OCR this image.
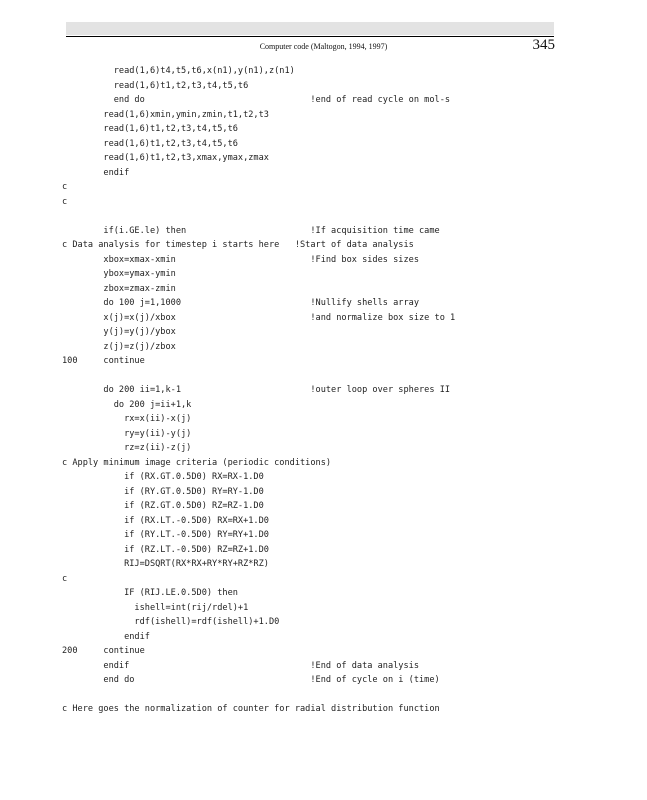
Computer code (Maltogon, 1994, 1997)	345
read(1,6)t4,t5,t6,x(n1),y(n1),z(n1)
read(1,6)t1,t2,t3,t4,t5,t6
end do                                !end of read cycle on mol-s
read(1,6)xmin,ymin,zmin,t1,t2,t3
read(1,6)t1,t2,t3,t4,t5,t6
read(1,6)t1,t2,t3,t4,t5,t6
read(1,6)t1,t2,t3,xmax,ymax,zmax
endif
c
c
if(i.GE.le) then                        !If acquisition time came
c Data analysis for timestep i starts here   !Start of data analysis
xbox=xmax-xmin                          !Find box sides sizes
ybox=ymax-ymin
zbox=zmax-zmin
do 100 j=1,1000                         !Nullify shells array
x(j)=x(j)/xbox                          !and normalize box size to 1
y(j)=y(j)/ybox
z(j)=z(j)/zbox
100     continue
do 200 ii=1,k-1                         !outer loop over spheres II
do 200 j=ii+1,k
rx=x(ii)-x(j)
ry=y(ii)-y(j)
rz=z(ii)-z(j)
c Apply minimum image criteria (periodic conditions)
if (RX.GT.0.5D0) RX=RX-1.D0
if (RY.GT.0.5D0) RY=RY-1.D0
if (RZ.GT.0.5D0) RZ=RZ-1.D0
if (RX.LT.-0.5D0) RX=RX+1.D0
if (RY.LT.-0.5D0) RY=RY+1.D0
if (RZ.LT.-0.5D0) RZ=RZ+1.D0
RIJ=DSQRT(RX*RX+RY*RY+RZ*RZ)
c
IF (RIJ.LE.0.5D0) then
ishell=int(rij/rdel)+1
rdf(ishell)=rdf(ishell)+1.D0
endif
200     continue
endif                                   !End of data analysis
end do                                  !End of cycle on i (time)
c Here goes the normalization of counter for radial distribution function
